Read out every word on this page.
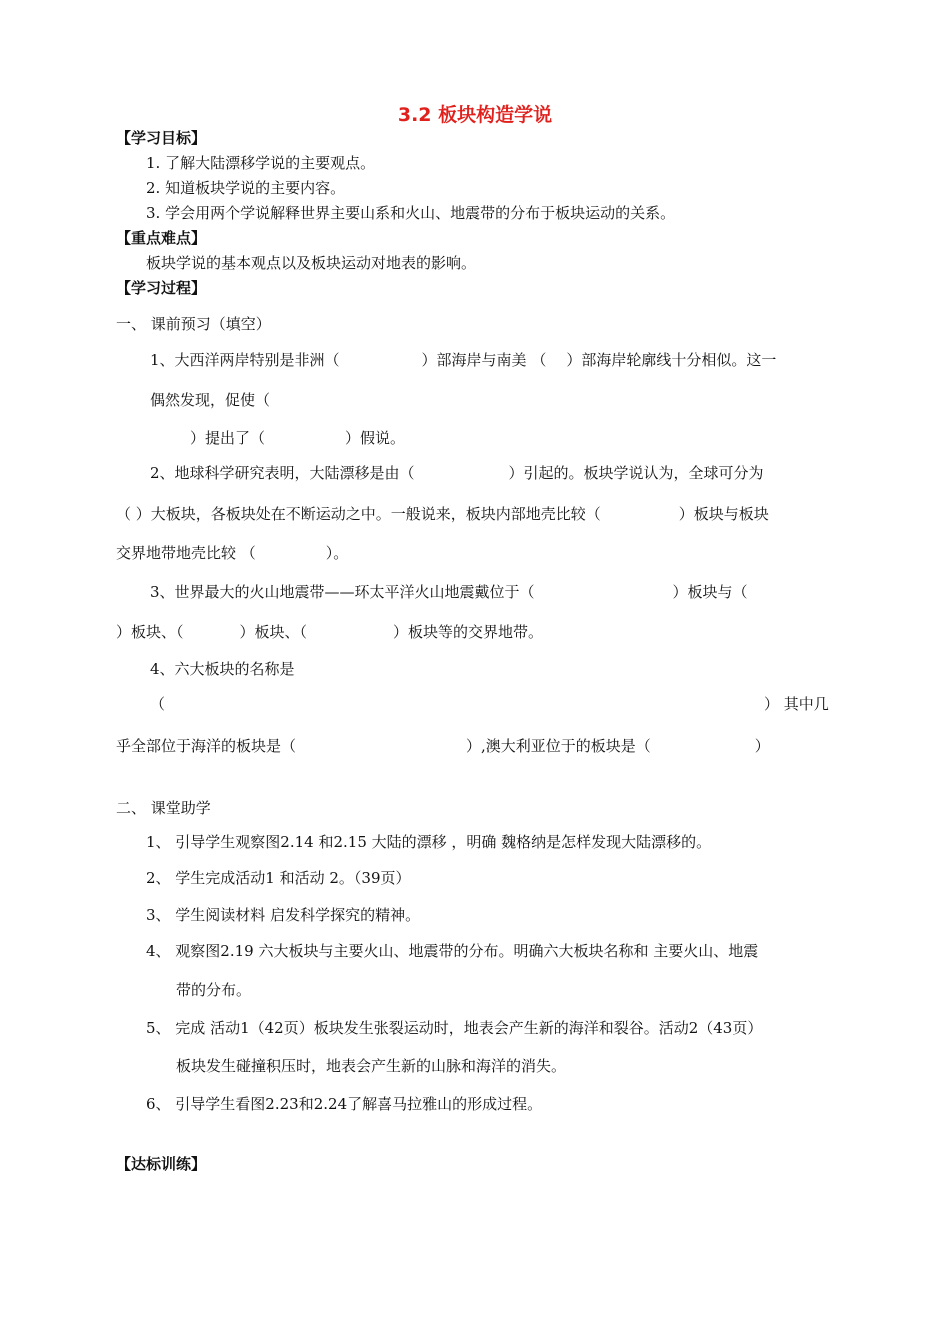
3.2 板块构造学说
【学习目标】
1. 了解大陆漂移学说的主要观点。
2. 知道板块学说的主要内容。
3. 学会用两个学说解释世界主要山系和火山、地震带的分布于板块运动的关系。
【重点难点】
板块学说的基本观点以及板块运动对地表的影响。
【学习过程】
一、 课前预习（填空）
1、大西洋两岸特别是非洲（	）部海岸与南美 （ ）部海岸轮廓线十分相似。这一
偶然发现，促使（
）提出了（	）假说。
2、地球科学研究表明，大陆漂移是由（	）引起的。板块学说认为，全球可分为
（ ）大板块，各板块处在不断运动之中。一般说来，板块内部地壳比较（	）板块与板块
交界地带地壳比较 （	）。
3、世界最大的火山地震带——环太平洋火山地震戴位于（	）板块与（
）板块、（	）板块、（	）板块等的交界地带。
4、六大板块的名称是
（	） 其中几
乎全部位于海洋的板块是（	）,澳大利亚位于的板块是（	）
二、 课堂助学
1、 引导学生观察图2.14 和2.15 大陆的漂移 ，明确 魏格纳是怎样发现大陆漂移的。
2、 学生完成活动1 和活动 2。（39页）
3、 学生阅读材料 启发科学探究的精神。
4、 观察图2.19 六大板块与主要火山、地震带的分布。明确六大板块名称和 主要火山、地震
带的分布。
5、 完成 活动1（42页）板块发生张裂运动时，地表会产生新的海洋和裂谷。活动2（43页）
板块发生碰撞积压时，地表会产生新的山脉和海洋的消失。
6、 引导学生看图2.23和2.24了解喜马拉雅山的形成过程。
【达标训练】
